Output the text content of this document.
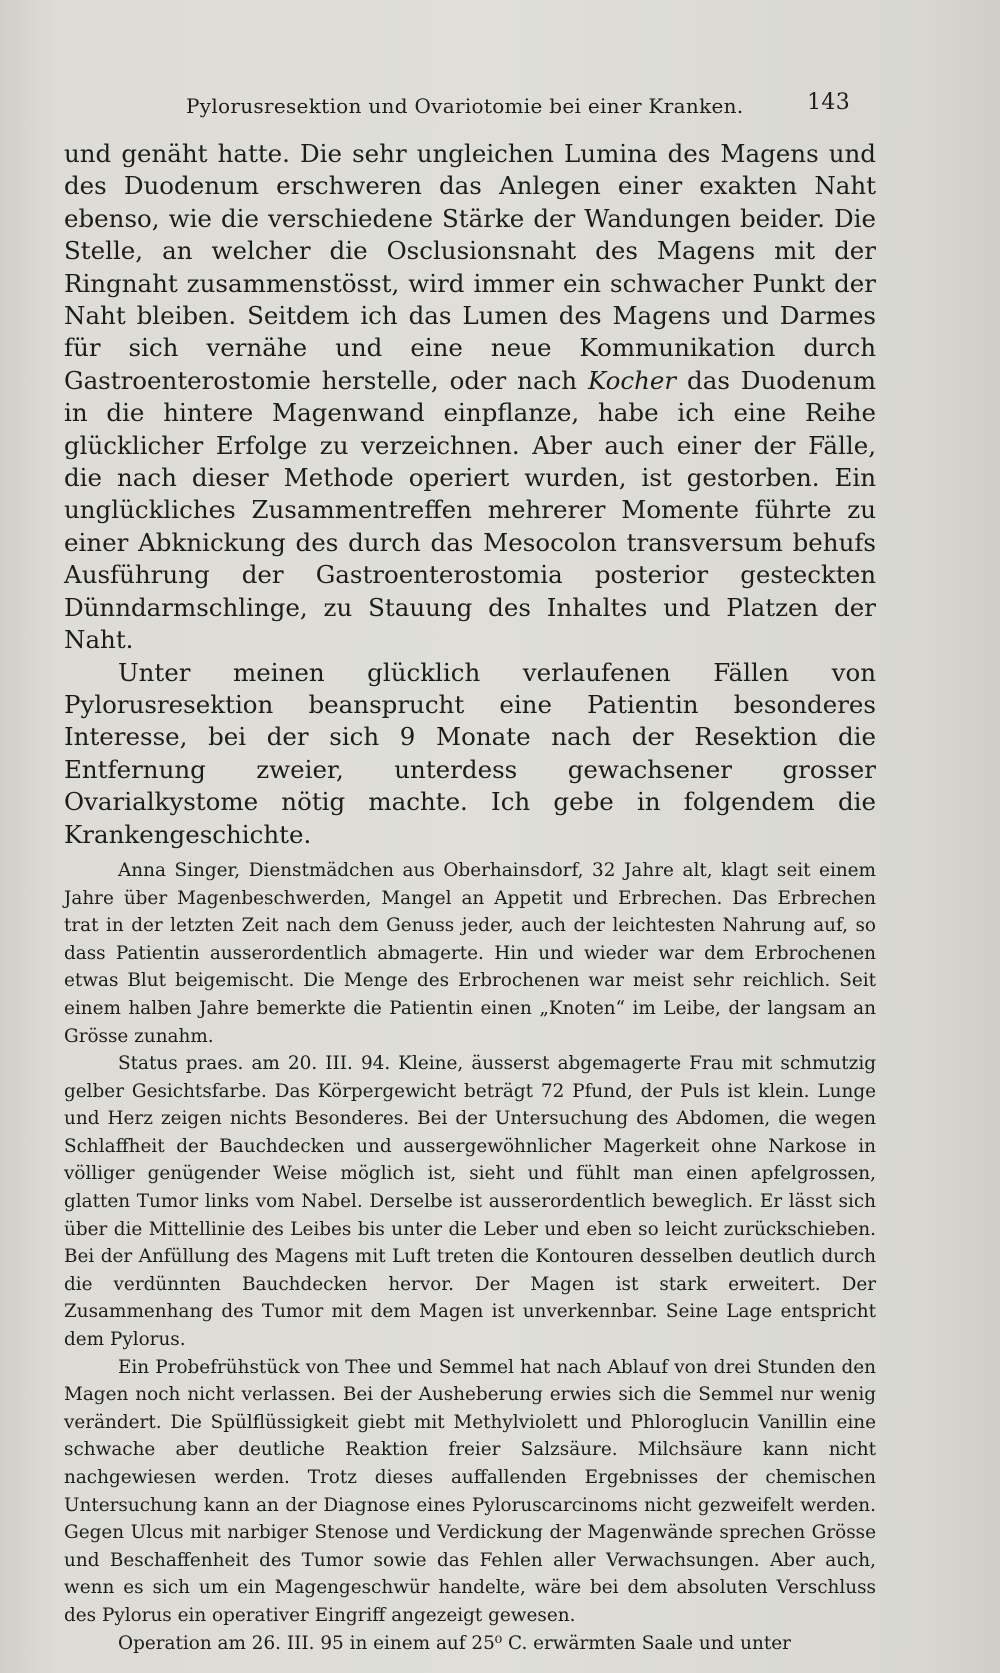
Pylorusresektion und Ovariotomie bei einer Kranken.	143

und genäht hatte. Die sehr ungleichen Lumina des Magens und des Duodenum erschweren das Anlegen einer exakten Naht ebenso, wie die verschiedene Stärke der Wandungen beider. Die Stelle, an welcher die Osclusionsnaht des Magens mit der Ringnaht zusammenstösst, wird immer ein schwacher Punkt der Naht bleiben. Seitdem ich das Lumen des Magens und Darmes für sich vernähe und eine neue Kommunikation durch Gastroenterostomie herstelle, oder nach Kocher das Duodenum in die hintere Magenwand einpflanze, habe ich eine Reihe glücklicher Erfolge zu verzeichnen. Aber auch einer der Fälle, die nach dieser Methode operiert wurden, ist gestorben. Ein unglückliches Zusammentreffen mehrerer Momente führte zu einer Abknickung des durch das Mesocolon transversum behufs Ausführung der Gastroenterostomia posterior gesteckten Dünndarmschlinge, zu Stauung des Inhaltes und Platzen der Naht.

Unter meinen glücklich verlaufenen Fällen von Pylorusresektion beansprucht eine Patientin besonderes Interesse, bei der sich 9 Monate nach der Resektion die Entfernung zweier, unterdess gewachsener grosser Ovarialkystome nötig machte. Ich gebe in folgendem die Krankengeschichte.

Anna Singer, Dienstmädchen aus Oberhainsdorf, 32 Jahre alt, klagt seit einem Jahre über Magenbeschwerden, Mangel an Appetit und Erbrechen. Das Erbrechen trat in der letzten Zeit nach dem Genuss jeder, auch der leichtesten Nahrung auf, so dass Patientin ausserordentlich abmagerte. Hin und wieder war dem Erbrochenen etwas Blut beigemischt. Die Menge des Erbrochenen war meist sehr reichlich. Seit einem halben Jahre bemerkte die Patientin einen „Knoten“ im Leibe, der langsam an Grösse zunahm.

Status praes. am 20. III. 94. Kleine, äusserst abgemagerte Frau mit schmutzig gelber Gesichtsfarbe. Das Körpergewicht beträgt 72 Pfund, der Puls ist klein. Lunge und Herz zeigen nichts Besonderes. Bei der Untersuchung des Abdomen, die wegen Schlaffheit der Bauchdecken und aussergewöhnlicher Magerkeit ohne Narkose in völliger genügender Weise möglich ist, sieht und fühlt man einen apfelgrossen, glatten Tumor links vom Nabel. Derselbe ist ausserordentlich beweglich. Er lässt sich über die Mittellinie des Leibes bis unter die Leber und eben so leicht zurückschieben. Bei der Anfüllung des Magens mit Luft treten die Kontouren desselben deutlich durch die verdünnten Bauchdecken hervor. Der Magen ist stark erweitert. Der Zusammenhang des Tumor mit dem Magen ist unverkennbar. Seine Lage entspricht dem Pylorus.

Ein Probefrühstück von Thee und Semmel hat nach Ablauf von drei Stunden den Magen noch nicht verlassen. Bei der Ausheberung erwies sich die Semmel nur wenig verändert. Die Spülflüssigkeit giebt mit Methylviolett und Phloroglucin Vanillin eine schwache aber deutliche Reaktion freier Salzsäure. Milchsäure kann nicht nachgewiesen werden. Trotz dieses auffallenden Ergebnisses der chemischen Untersuchung kann an der Diagnose eines Pyloruscarcinoms nicht gezweifelt werden. Gegen Ulcus mit narbiger Stenose und Verdickung der Magenwände sprechen Grösse und Beschaffenheit des Tumor sowie das Fehlen aller Verwachsungen. Aber auch, wenn es sich um ein Magengeschwür handelte, wäre bei dem absoluten Verschluss des Pylorus ein operativer Eingriff angezeigt gewesen.

Operation am 26. III. 95 in einem auf 25⁰ C. erwärmten Saale und unter
